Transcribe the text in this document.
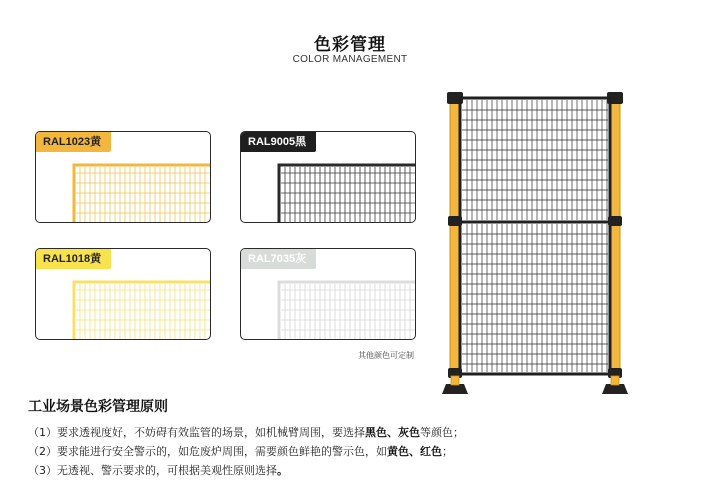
色彩管理
COLOR MANAGEMENT
RAL1023黄	RAL9005黑
RAL1018黄	RAL7035灰
其他颜色可定制
工业场景色彩管理原则
（1）要求透视度好，不妨碍有效监管的场景，如机械臂周围，要选择黑色、灰色等颜色；
（2）要求能进行安全警示的，如危废炉周围，需要颜色鲜艳的警示色，如黄色、红色；
（3）无透视、警示要求的，可根据美观性原则选择。
